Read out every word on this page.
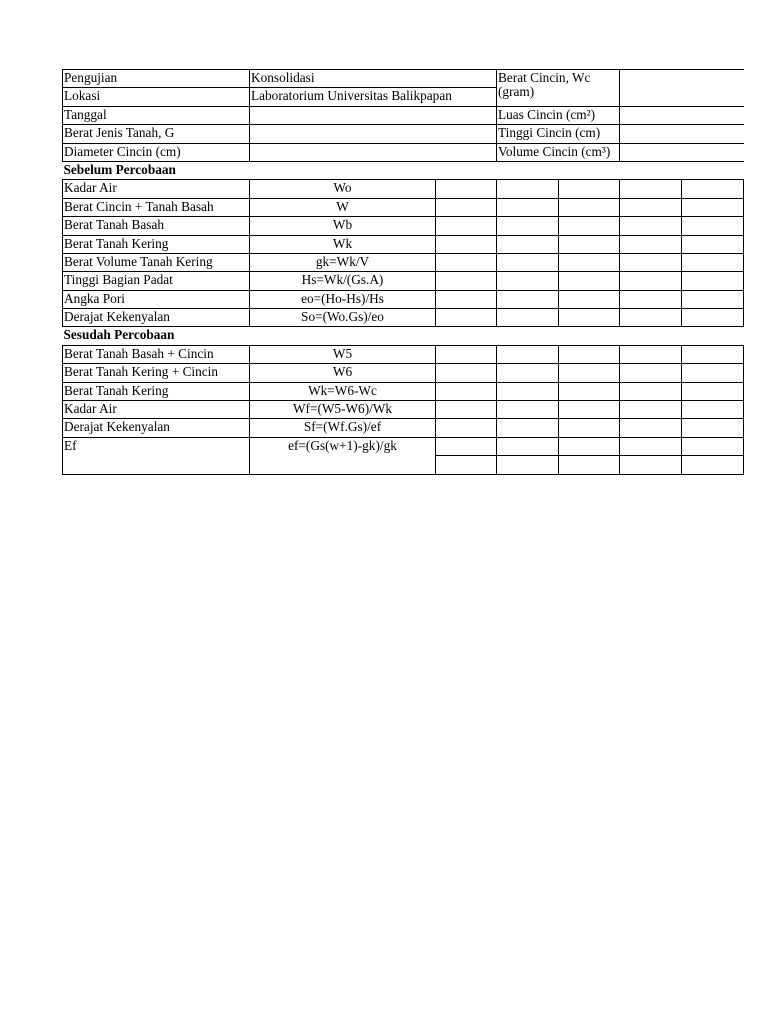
Pengujian	Konsolidasi		Berat Cincin, Wc (gram)			
Lokasi	Laboratorium Universitas Balikpapan					
Tanggal			Luas Cincin (cm²)			
Berat Jenis Tanah, G			Tinggi Cincin (cm)			
Diameter Cincin (cm)			Volume Cincin (cm³)			
Sebelum Percobaan						
Kadar Air	Wo					
Berat Cincin + Tanah Basah	W					
Berat Tanah Basah	Wb					
Berat Tanah Kering	Wk					
Berat Volume Tanah Kering	gk=Wk/V					
Tinggi Bagian Padat	Hs=Wk/(Gs.A)					
Angka Pori	eo=(Ho-Hs)/Hs					
Derajat Kekenyalan	So=(Wo.Gs)/eo					
Sesudah Percobaan						
Berat Tanah Basah + Cincin	W5					
Berat Tanah Kering + Cincin	W6					
Berat Tanah Kering	Wk=W6-Wc					
Kadar Air	Wf=(W5-W6)/Wk					
Derajat Kekenyalan	Sf=(Wf.Gs)/ef					
Ef	ef=(Gs(w+1)-gk)/gk					
